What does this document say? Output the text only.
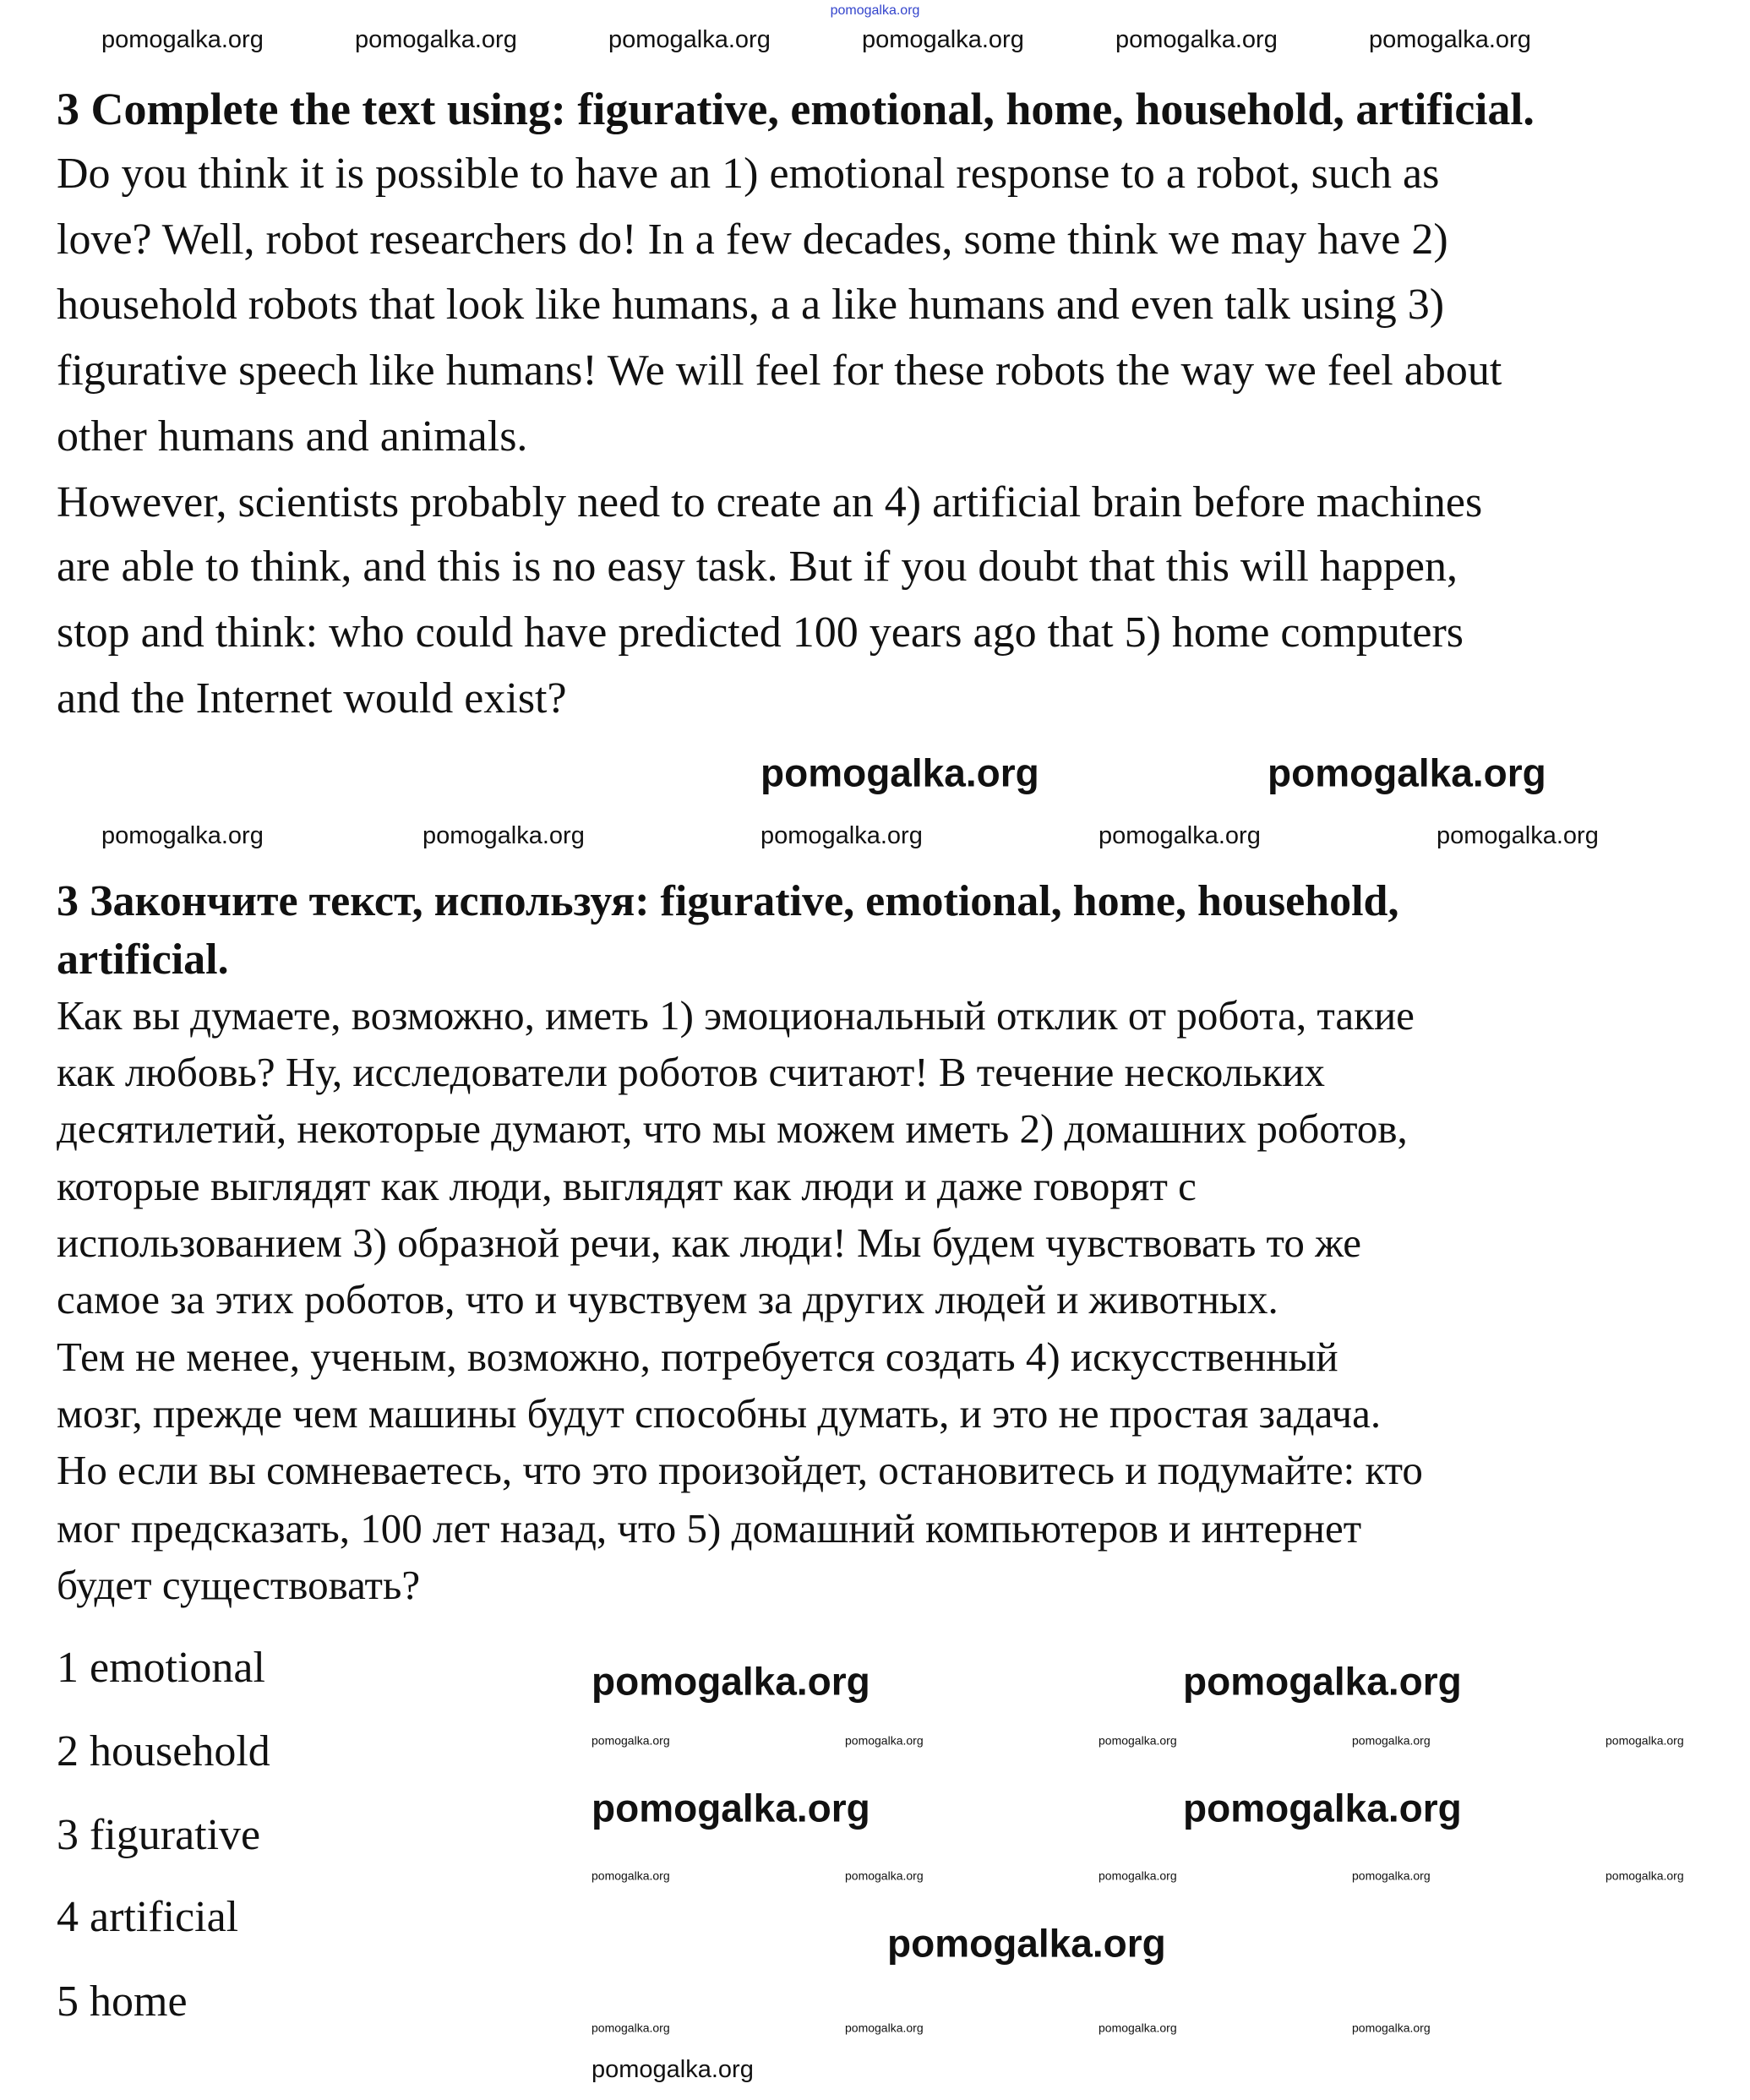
pomogalka.org
3 Complete the text using: figurative, emotional, home, household, artificial.
Do you think it is possible to have an 1) emotional response to a robot, such as
love? Well, robot researchers do! In a few decades, some think we may have 2)
household robots that look like humans, a a like humans and even talk using 3)
figurative speech like humans! We will feel for these robots the way we feel about
other humans and animals.
However, scientists probably need to create an 4) artificial brain before machines
are able to think, and this is no easy task. But if you doubt that this will happen,
stop and think: who could have predicted 100 years ago that 5) home computers
and the Internet would exist?
3 Закончите текст, используя: figurative, emotional, home, household,
artificial.
Как вы думаете, возможно, иметь 1) эмоциональный отклик от робота, такие
как любовь? Ну, исследователи роботов считают! В течение нескольких
десятилетий, некоторые думают, что мы можем иметь 2) домашних роботов,
которые выглядят как люди, выглядят как люди и даже говорят с
использованием 3) образной речи, как люди! Мы будем чувствовать то же
самое за этих роботов, что и чувствуем за других людей и животных.
Тем не менее, ученым, возможно, потребуется создать 4) искусственный
мозг, прежде чем машины будут способны думать, и это не простая задача.
Но если вы сомневаетесь, что это произойдет, остановитесь и подумайте: кто
мог предсказать, 100 лет назад, что 5) домашний компьютеров и интернет
будет существовать?
1 emotional
2 household
3 figurative
4 artificial
5 home
pomogalka.org	pomogalka.org
pomogalka.org	pomogalka.org
pomogalka.org	pomogalka.org
pomogalka.org
pomogalka.org	pomogalka.org	pomogalka.org	pomogalka.org	pomogalka.org	pomogalka.org
pomogalka.org	pomogalka.org	pomogalka.org	pomogalka.org	pomogalka.org
pomogalka.org
pomogalka.org	pomogalka.org	pomogalka.org	pomogalka.org	pomogalka.org
pomogalka.org	pomogalka.org	pomogalka.org	pomogalka.org	pomogalka.org
pomogalka.org	pomogalka.org	pomogalka.org	pomogalka.org
